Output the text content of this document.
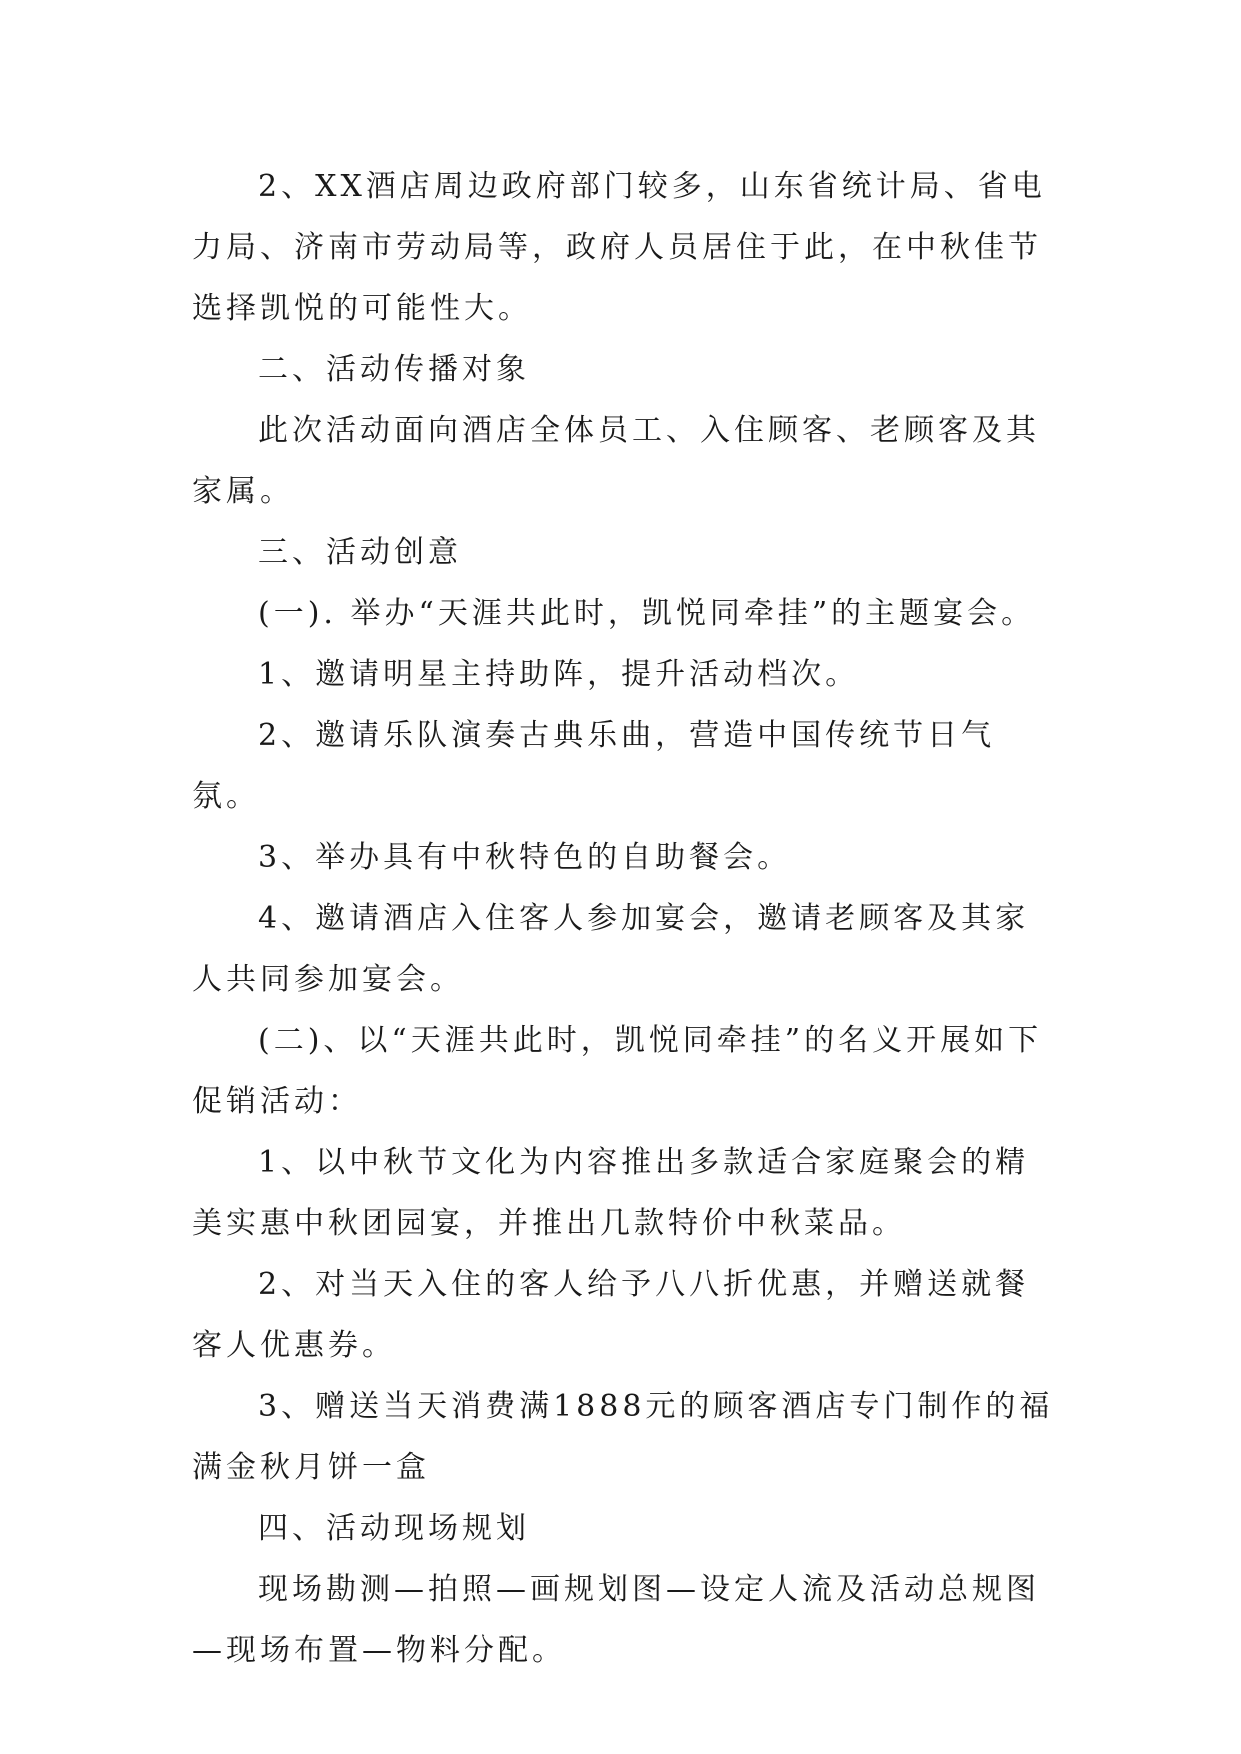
2、XX酒店周边政府部门较多，山东省统计局、省电力局、济南市劳动局等，政府人员居住于此，在中秋佳节选择凯悦的可能性大。

二、活动传播对象

此次活动面向酒店全体员工、入住顾客、老顾客及其家属。

三、活动创意

(一). 举办“天涯共此时，凯悦同牵挂”的主题宴会。

1、邀请明星主持助阵，提升活动档次。

2、邀请乐队演奏古典乐曲，营造中国传统节日气氛。

3、举办具有中秋特色的自助餐会。

4、邀请酒店入住客人参加宴会，邀请老顾客及其家人共同参加宴会。

(二)、以“天涯共此时，凯悦同牵挂”的名义开展如下促销活动：

1、以中秋节文化为内容推出多款适合家庭聚会的精美实惠中秋团园宴，并推出几款特价中秋菜品。

2、对当天入住的客人给予八八折优惠，并赠送就餐客人优惠券。

3、赠送当天消费满1888元的顾客酒店专门制作的福满金秋月饼一盒

四、活动现场规划

现场勘测—拍照—画规划图—设定人流及活动总规图—现场布置—物料分配。
